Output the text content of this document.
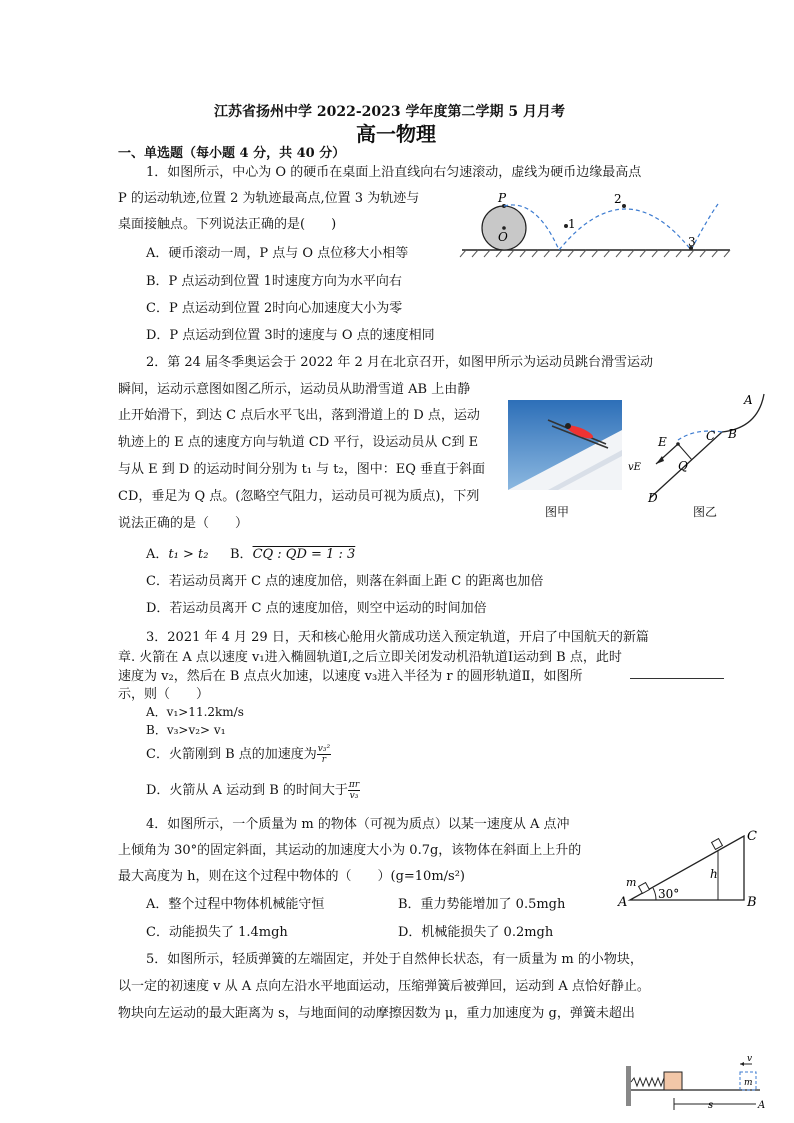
江苏省扬州中学 2022-2023 学年度第二学期 5 月月考
高一物理
一、单选题（每小题 4 分，共 40 分）
1．如图所示，中心为 O 的硬币在桌面上沿直线向右匀速滚动，虚线为硬币边缘最高点
P 的运动轨迹,位置 2 为轨迹最高点,位置 3 为轨迹与
桌面接触点。下列说法正确的是(　　)
A．硬币滚动一周，P 点与 O 点位移大小相等
B．P 点运动到位置 1时速度方向为水平向右
C．P 点运动到位置 2时向心加速度大小为零
D．P 点运动到位置 3时的速度与 O 点的速度相同
P
O
1
2
3
2．第 24 届冬季奥运会于 2022 年 2 月在北京召开，如图甲所示为运动员跳台滑雪运动
瞬间，运动示意图如图乙所示，运动员从助滑雪道 AB 上由静
止开始滑下，到达 C 点后水平飞出，落到滑道上的 D 点，运动
轨迹上的 E 点的速度方向与轨道 CD 平行，设运动员从 C到 E
与从 E 到 D 的运动时间分别为 t₁ 与 t₂，图中：EQ 垂直于斜面
CD，垂足为 Q 点。(忽略空气阻力，运动员可视为质点)，下列
说法正确的是（　　）
A．t₁ > t₂ B．CQ : QD = 1 : 3
C．若运动员离开 C 点的速度加倍，则落在斜面上距 C 的距离也加倍
D．若运动员离开 C 点的速度加倍，则空中运动的时间加倍
图甲
A
B
C
E
Q
vE
D
图乙
3．2021 年 4 月 29 日，天和核心舱用火箭成功送入预定轨道，开启了中国航天的新篇
章. 火箭在 A 点以速度 v₁进入椭圆轨道Ⅰ,之后立即关闭发动机沿轨道Ⅰ运动到 B 点，此时
速度为 v₂，然后在 B 点点火加速，以速度 v₃进入半径为 r 的圆形轨道Ⅱ，如图所
示，则（　　）
A．v₁>11.2km/s
B．v₃>v₂> v₁
C．火箭刚到 B 点的加速度为 $\frac{\text{v₃²}}{r}$
D．火箭从 A 运动到 B 的时间大于 $\frac{\pi r}{\text{v₃}}$
4．如图所示，一个质量为 m 的物体（可视为质点）以某一速度从 A 点冲
上倾角为 30°的固定斜面，其运动的加速度大小为 0.7g，该物体在斜面上上升的
最大高度为 h，则在这个过程中物体的（　　）(g=10m/s²)
A．整个过程中物体机械能守恒	B．重力势能增加了 0.5mgh
C．动能损失了 1.4mgh	D．机械能损失了 0.2mgh
m
A
30°
h
B
C
5．如图所示，轻质弹簧的左端固定，并处于自然伸长状态，有一质量为 m 的小物块，
以一定的初速度 v 从 A 点向左沿水平地面运动，压缩弹簧后被弹回，运动到 A 点恰好静止。
物块向左运动的最大距离为 s，与地面间的动摩擦因数为 μ，重力加速度为 g，弹簧未超出
v
m
s	A
